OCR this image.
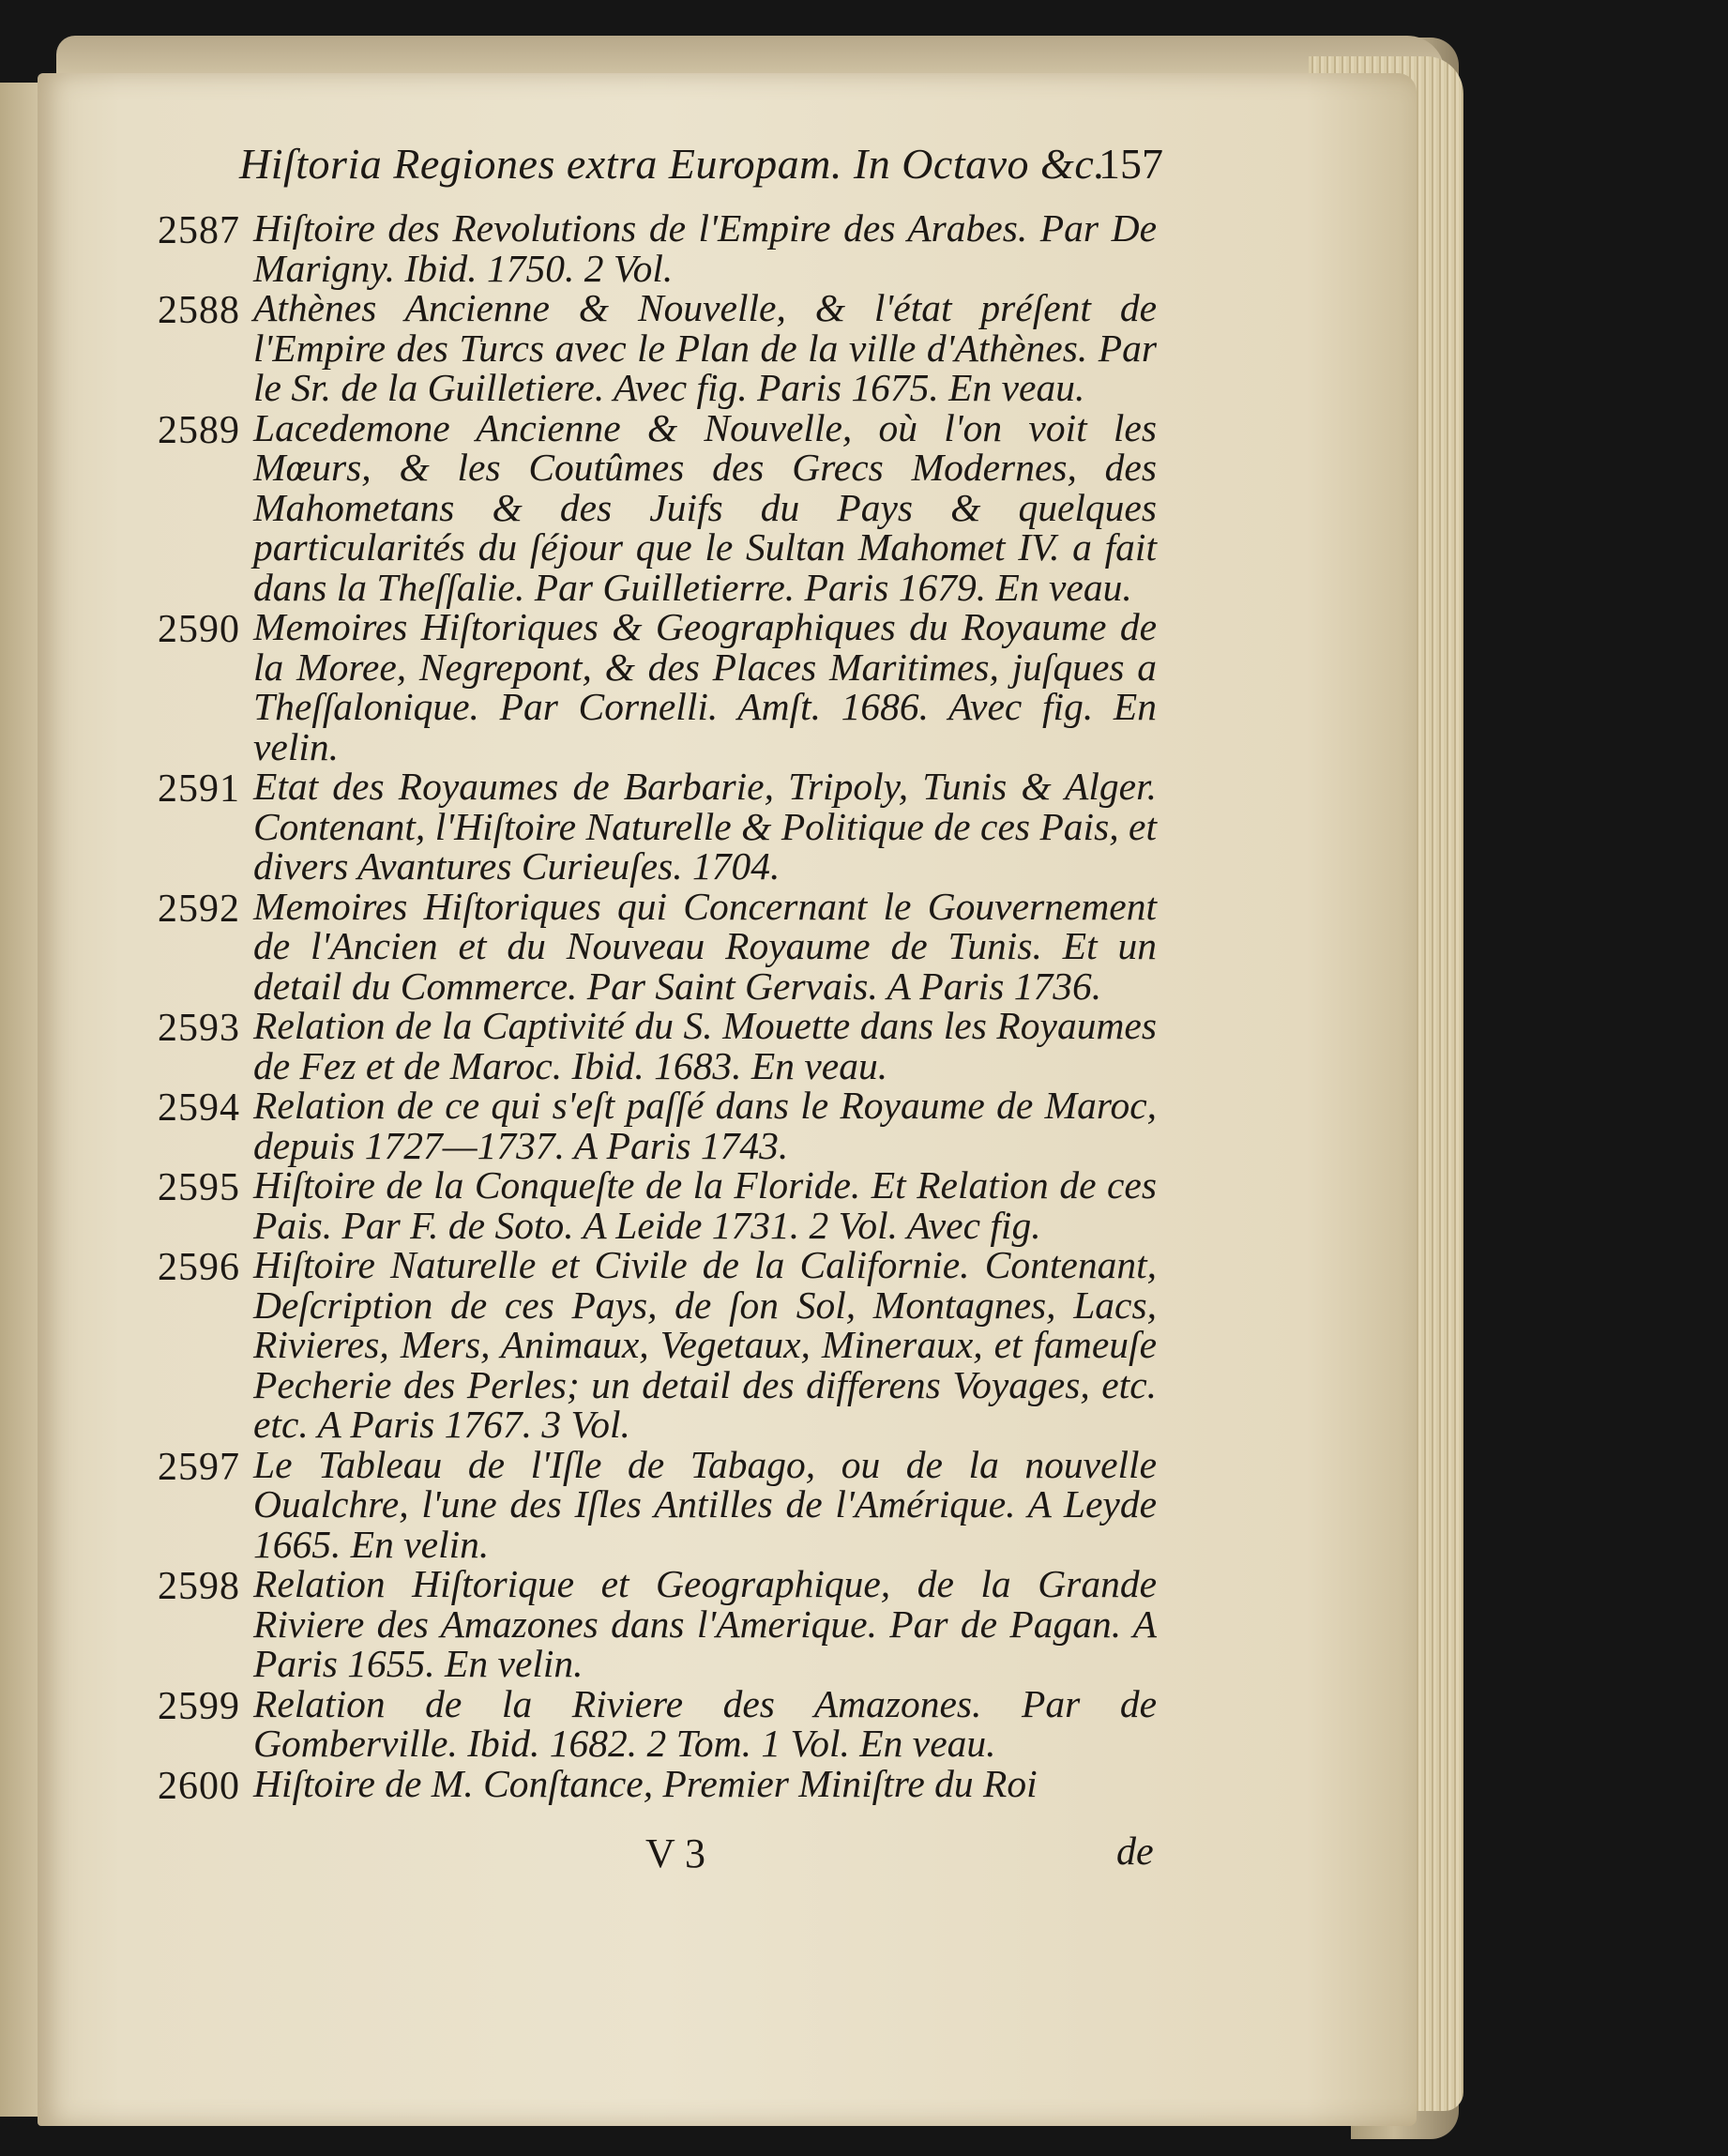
Hiſtoria Regiones extra Europam. In Octavo &c.
157
2587 Hiſtoire des Revolutions de l'Empire des Arabes. Par De Marigny. Ibid. 1750. 2 Vol.
2588 Athènes Ancienne & Nouvelle, & l'état préſent de l'Empire des Turcs avec le Plan de la ville d'Athènes. Par le Sr. de la Guilletiere. Avec fig. Paris 1675. En veau.
2589 Lacedemone Ancienne & Nouvelle, où l'on voit les Mœurs, & les Coutûmes des Grecs Modernes, des Mahometans & des Juifs du Pays & quelques particularités du ſéjour que le Sultan Mahomet IV. a fait dans la Theſſalie. Par Guilletierre. Paris 1679. En veau.
2590 Memoires Hiſtoriques & Geographiques du Royaume de la Moree, Negrepont, & des Places Maritimes, juſques a Theſſalonique. Par Cornelli. Amſt. 1686. Avec fig. En velin.
2591 Etat des Royaumes de Barbarie, Tripoly, Tunis & Alger. Contenant, l'Hiſtoire Naturelle & Politique de ces Pais, et divers Avantures Curieuſes. 1704.
2592 Memoires Hiſtoriques qui Concernant le Gouvernement de l'Ancien et du Nouveau Royaume de Tunis. Et un detail du Commerce. Par Saint Gervais. A Paris 1736.
2593 Relation de la Captivité du S. Mouette dans les Royaumes de Fez et de Maroc. Ibid. 1683. En veau.
2594 Relation de ce qui s'eſt paſſé dans le Royaume de Maroc, depuis 1727—1737. A Paris 1743.
2595 Hiſtoire de la Conqueſte de la Floride. Et Relation de ces Pais. Par F. de Soto. A Leide 1731. 2 Vol. Avec fig.
2596 Hiſtoire Naturelle et Civile de la Californie. Contenant, Deſcription de ces Pays, de ſon Sol, Montagnes, Lacs, Rivieres, Mers, Animaux, Vegetaux, Mineraux, et fameuſe Pecherie des Perles; un detail des differens Voyages, etc. etc. A Paris 1767. 3 Vol.
2597 Le Tableau de l'Iſle de Tabago, ou de la nouvelle Oualchre, l'une des Iſles Antilles de l'Amérique. A Leyde 1665. En velin.
2598 Relation Hiſtorique et Geographique, de la Grande Riviere des Amazones dans l'Amerique. Par de Pagan. A Paris 1655. En velin.
2599 Relation de la Riviere des Amazones. Par de Gomberville. Ibid. 1682. 2 Tom. 1 Vol. En veau.
2600 Hiſtoire de M. Conſtance, Premier Miniſtre du Roi
V 3	de
